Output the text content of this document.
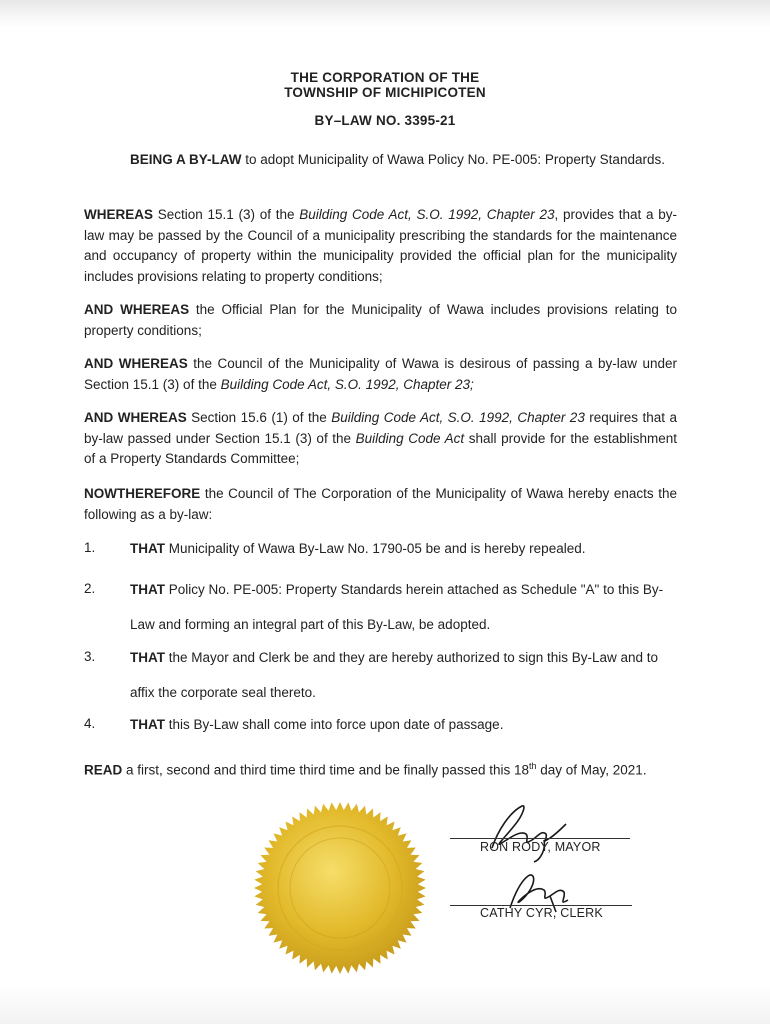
THE CORPORATION OF THE
TOWNSHIP OF MICHIPICOTEN
BY–LAW NO. 3395-21
BEING A BY-LAW to adopt Municipality of Wawa Policy No. PE-005: Property Standards.
WHEREAS Section 15.1 (3) of the Building Code Act, S.O. 1992, Chapter 23, provides that a by-law may be passed by the Council of a municipality prescribing the standards for the maintenance and occupancy of property within the municipality provided the official plan for the municipality includes provisions relating to property conditions;
AND WHEREAS the Official Plan for the Municipality of Wawa includes provisions relating to property conditions;
AND WHEREAS the Council of the Municipality of Wawa is desirous of passing a by-law under Section 15.1 (3) of the Building Code Act, S.O. 1992, Chapter 23;
AND WHEREAS Section 15.6 (1) of the Building Code Act, S.O. 1992, Chapter 23 requires that a by-law passed under Section 15.1 (3) of the Building Code Act shall provide for the establishment of a Property Standards Committee;
NOWTHEREFORE the Council of The Corporation of the Municipality of Wawa hereby enacts the following as a by-law:
1.	THAT Municipality of Wawa By-Law No. 1790-05 be and is hereby repealed.
2.	THAT Policy No. PE-005: Property Standards herein attached as Schedule "A" to this By-Law and forming an integral part of this By-Law, be adopted.
3.	THAT the Mayor and Clerk be and they are hereby authorized to sign this By-Law and to affix the corporate seal thereto.
4.	THAT this By-Law shall come into force upon date of passage.
READ a first, second and third time third time and be finally passed this 18th day of May, 2021.
RON RODY, MAYOR
CATHY CYR, CLERK
